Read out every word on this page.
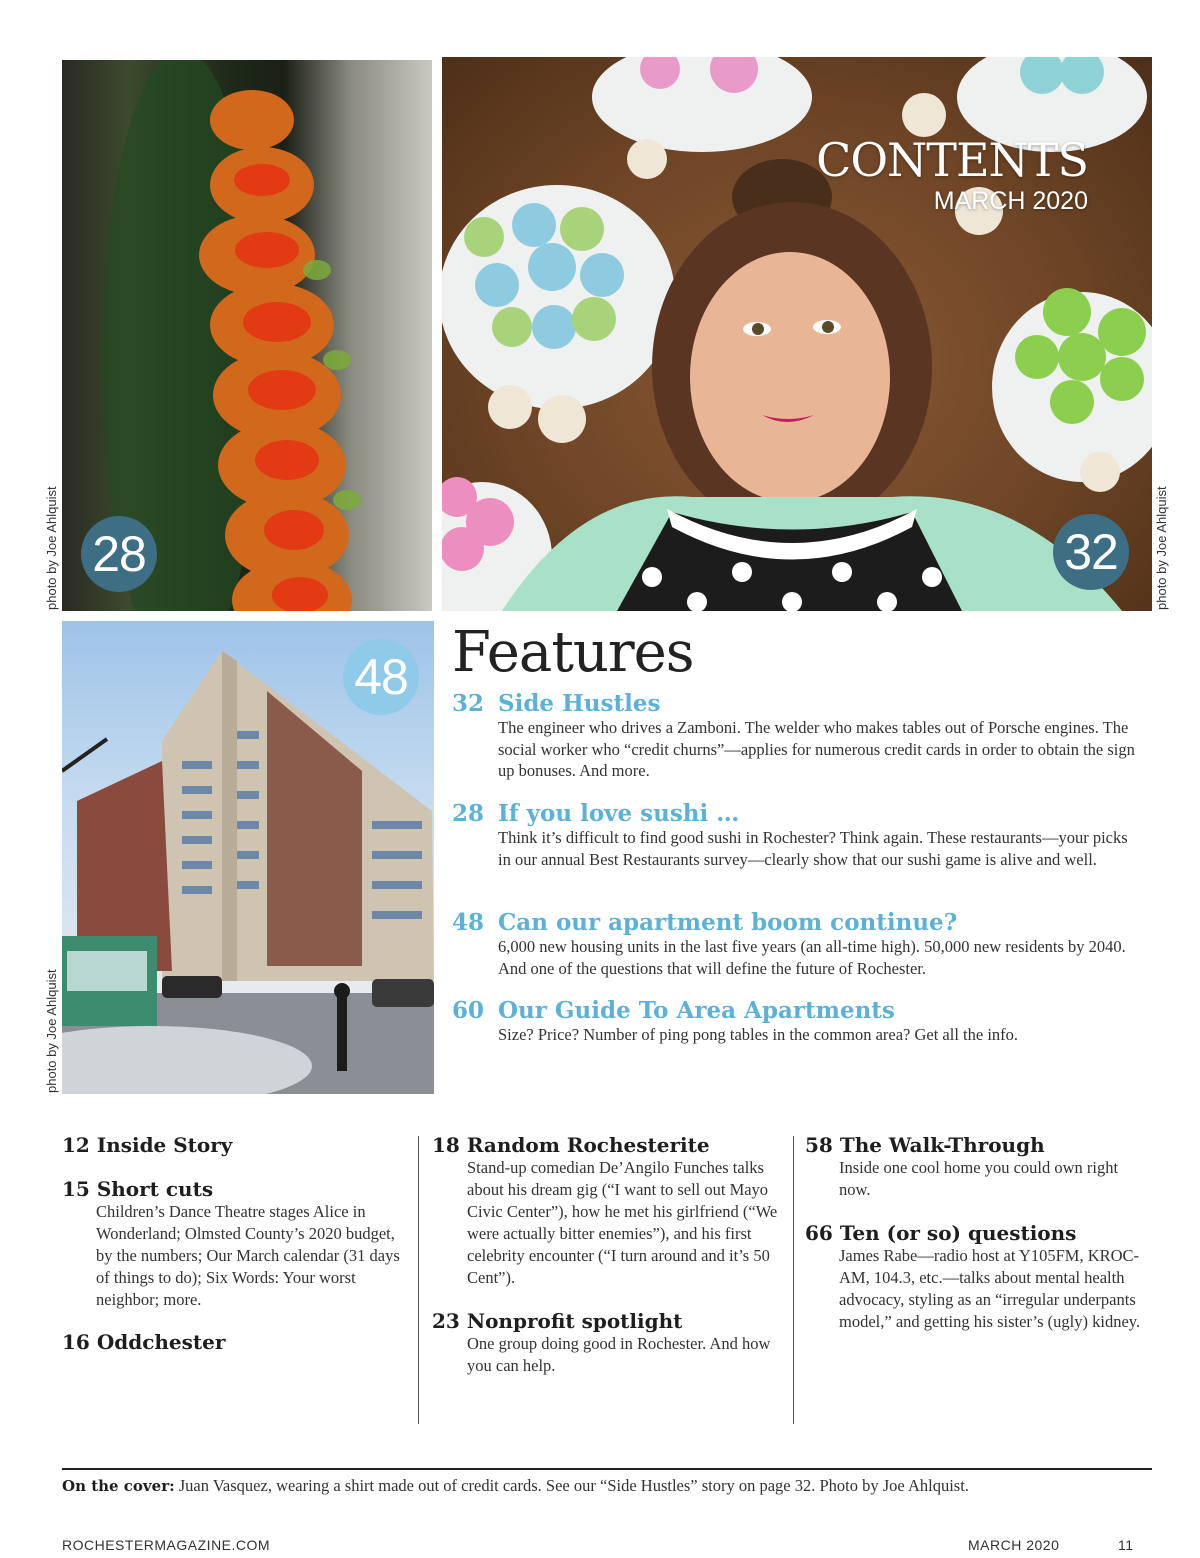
28
photo by Joe Ahlquist
CONTENTS
MARCH 2020
32	photo by Joe Ahlquist
48
photo by Joe Ahlquist
Features
32 Side Hustles
The engineer who drives a Zamboni. The welder who makes tables out of Porsche engines. The social worker who “credit churns”—applies for numerous credit cards in order to obtain the sign up bonuses. And more.
28 If you love sushi …
Think it’s difficult to find good sushi in Rochester? Think again. These restaurants—your picks in our annual Best Restaurants survey—clearly show that our sushi game is alive and well.
48 Can our apartment boom continue?
6,000 new housing units in the last five years (an all-time high). 50,000 new residents by 2040. And one of the questions that will define the future of Rochester.
60 Our Guide To Area Apartments
Size? Price? Number of ping pong tables in the common area? Get all the info.
12 Inside Story
15 Short cuts
Children’s Dance Theatre stages Alice in Wonderland; Olmsted County’s 2020 budget, by the numbers; Our March calendar (31 days of things to do); Six Words: Your worst neighbor; more.
16 Oddchester
18 Random Rochesterite
Stand-up comedian De’Angilo Funches talks about his dream gig (“I want to sell out Mayo Civic Center”), how he met his girlfriend (“We were actually bitter enemies”), and his first celebrity encounter (“I turn around and it’s 50 Cent”).
23 Nonprofit spotlight
One group doing good in Rochester. And how you can help.
58 The Walk-Through
Inside one cool home you could own right now.
66 Ten (or so) questions
James Rabe—radio host at Y105FM, KROC-AM, 104.3, etc.—talks about mental health advocacy, styling as an “irregular underpants model,” and getting his sister’s (ugly) kidney.
On the cover: Juan Vasquez, wearing a shirt made out of credit cards. See our “Side Hustles” story on page 32. Photo by Joe Ahlquist.
ROCHESTERMAGAZINE.COM	MARCH 2020	11
